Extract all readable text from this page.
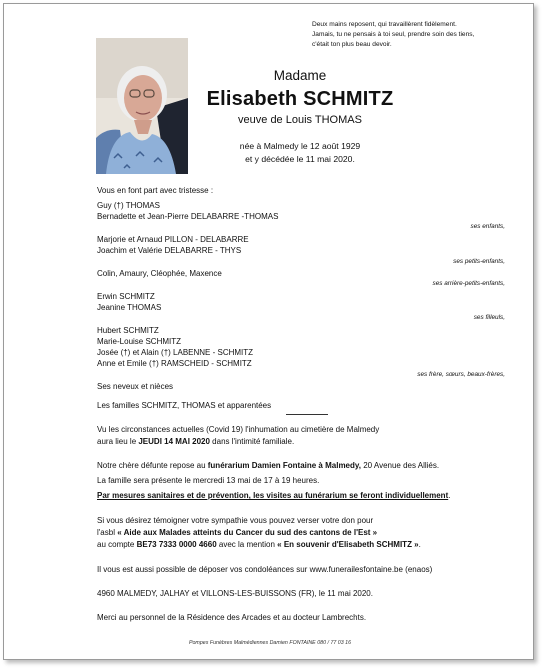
Deux mains reposent, qui travaillèrent fidèlement.
Jamais, tu ne pensais à toi seul, prendre soin des tiens,
c'était ton plus beau devoir.
Madame
Elisabeth SCHMITZ
veuve de Louis THOMAS
née à Malmedy le 12 août 1929
et y décédée le 11 mai 2020.
Vous en font part avec tristesse :
Guy (†) THOMAS
Bernadette et Jean-Pierre DELABARRE -THOMAS
ses enfants,
Marjorie et Arnaud PILLON - DELABARRE
Joachim et Valérie DELABARRE - THYS
ses petits-enfants,
Colin, Amaury, Cléophée, Maxence
ses arrière-petits-enfants,
Erwin SCHMITZ
Jeanine THOMAS
ses filleuls,
Hubert SCHMITZ
Marie-Louise SCHMITZ
Josée (†) et Alain (†) LABENNE - SCHMITZ
Anne et Emile (†) RAMSCHEID - SCHMITZ
ses frère, sœurs, beaux-frères,
Ses neveux et nièces
Les familles SCHMITZ, THOMAS et apparentées
Vu les circonstances actuelles (Covid 19) l'inhumation au cimetière de Malmedy
aura lieu le JEUDI 14 MAI 2020 dans l'intimité familiale.
Notre chère défunte repose au funérarium Damien Fontaine à Malmedy, 20 Avenue des Alliés.
La famille sera présente le mercredi 13 mai de 17 à 19 heures.
Par mesures sanitaires et de prévention, les visites au funérarium se feront individuellement.
Si vous désirez témoigner votre sympathie vous pouvez verser votre don pour
l'asbl « Aide aux Malades atteints du Cancer du sud des cantons de l'Est »
au compte BE73 7333 0000 4660 avec la mention « En souvenir d'Elisabeth SCHMITZ ».
Il vous est aussi possible de déposer vos condoléances sur www.funerailesfontaine.be (enaos)
4960 MALMEDY, JALHAY et VILLONS-LES-BUISSONS (FR), le 11 mai 2020.
Merci au personnel de la Résidence des Arcades et au docteur Lambrechts.
Pompes Funèbres Malmédiennes Damien FONTAINE 080 / 77 03 16
